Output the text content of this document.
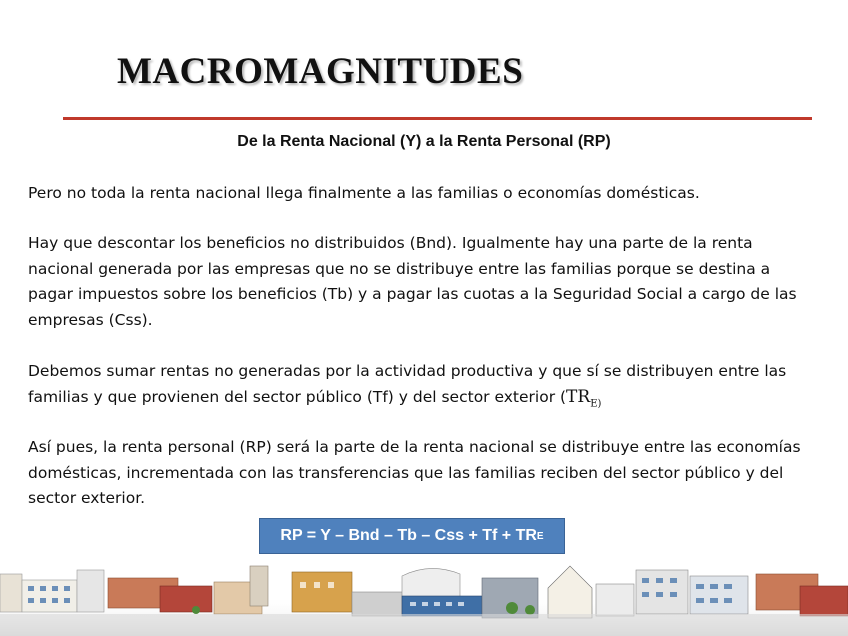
MACROMAGNITUDES
De la Renta Nacional (Y) a la Renta Personal (RP)
Pero no toda la renta nacional llega finalmente a las familias o economías domésticas.
Hay que descontar los beneficios no distribuidos (Bnd). Igualmente hay una parte de la renta nacional generada por las empresas que no se distribuye entre las familias porque se destina a pagar impuestos sobre los beneficios (Tb) y a pagar las cuotas a la Seguridad Social a cargo de las empresas (Css).
Debemos sumar rentas no generadas por la actividad productiva y que sí se distribuyen entre las familias y que provienen del sector público (Tf) y del sector exterior ($TR_{E)}$
Así pues, la renta personal (RP) será la parte de la renta nacional se distribuye entre las economías domésticas, incrementada con las transferencias que las familias reciben del sector público y del sector exterior.
RP = Y – Bnd – Tb – Css + Tf + TR E
